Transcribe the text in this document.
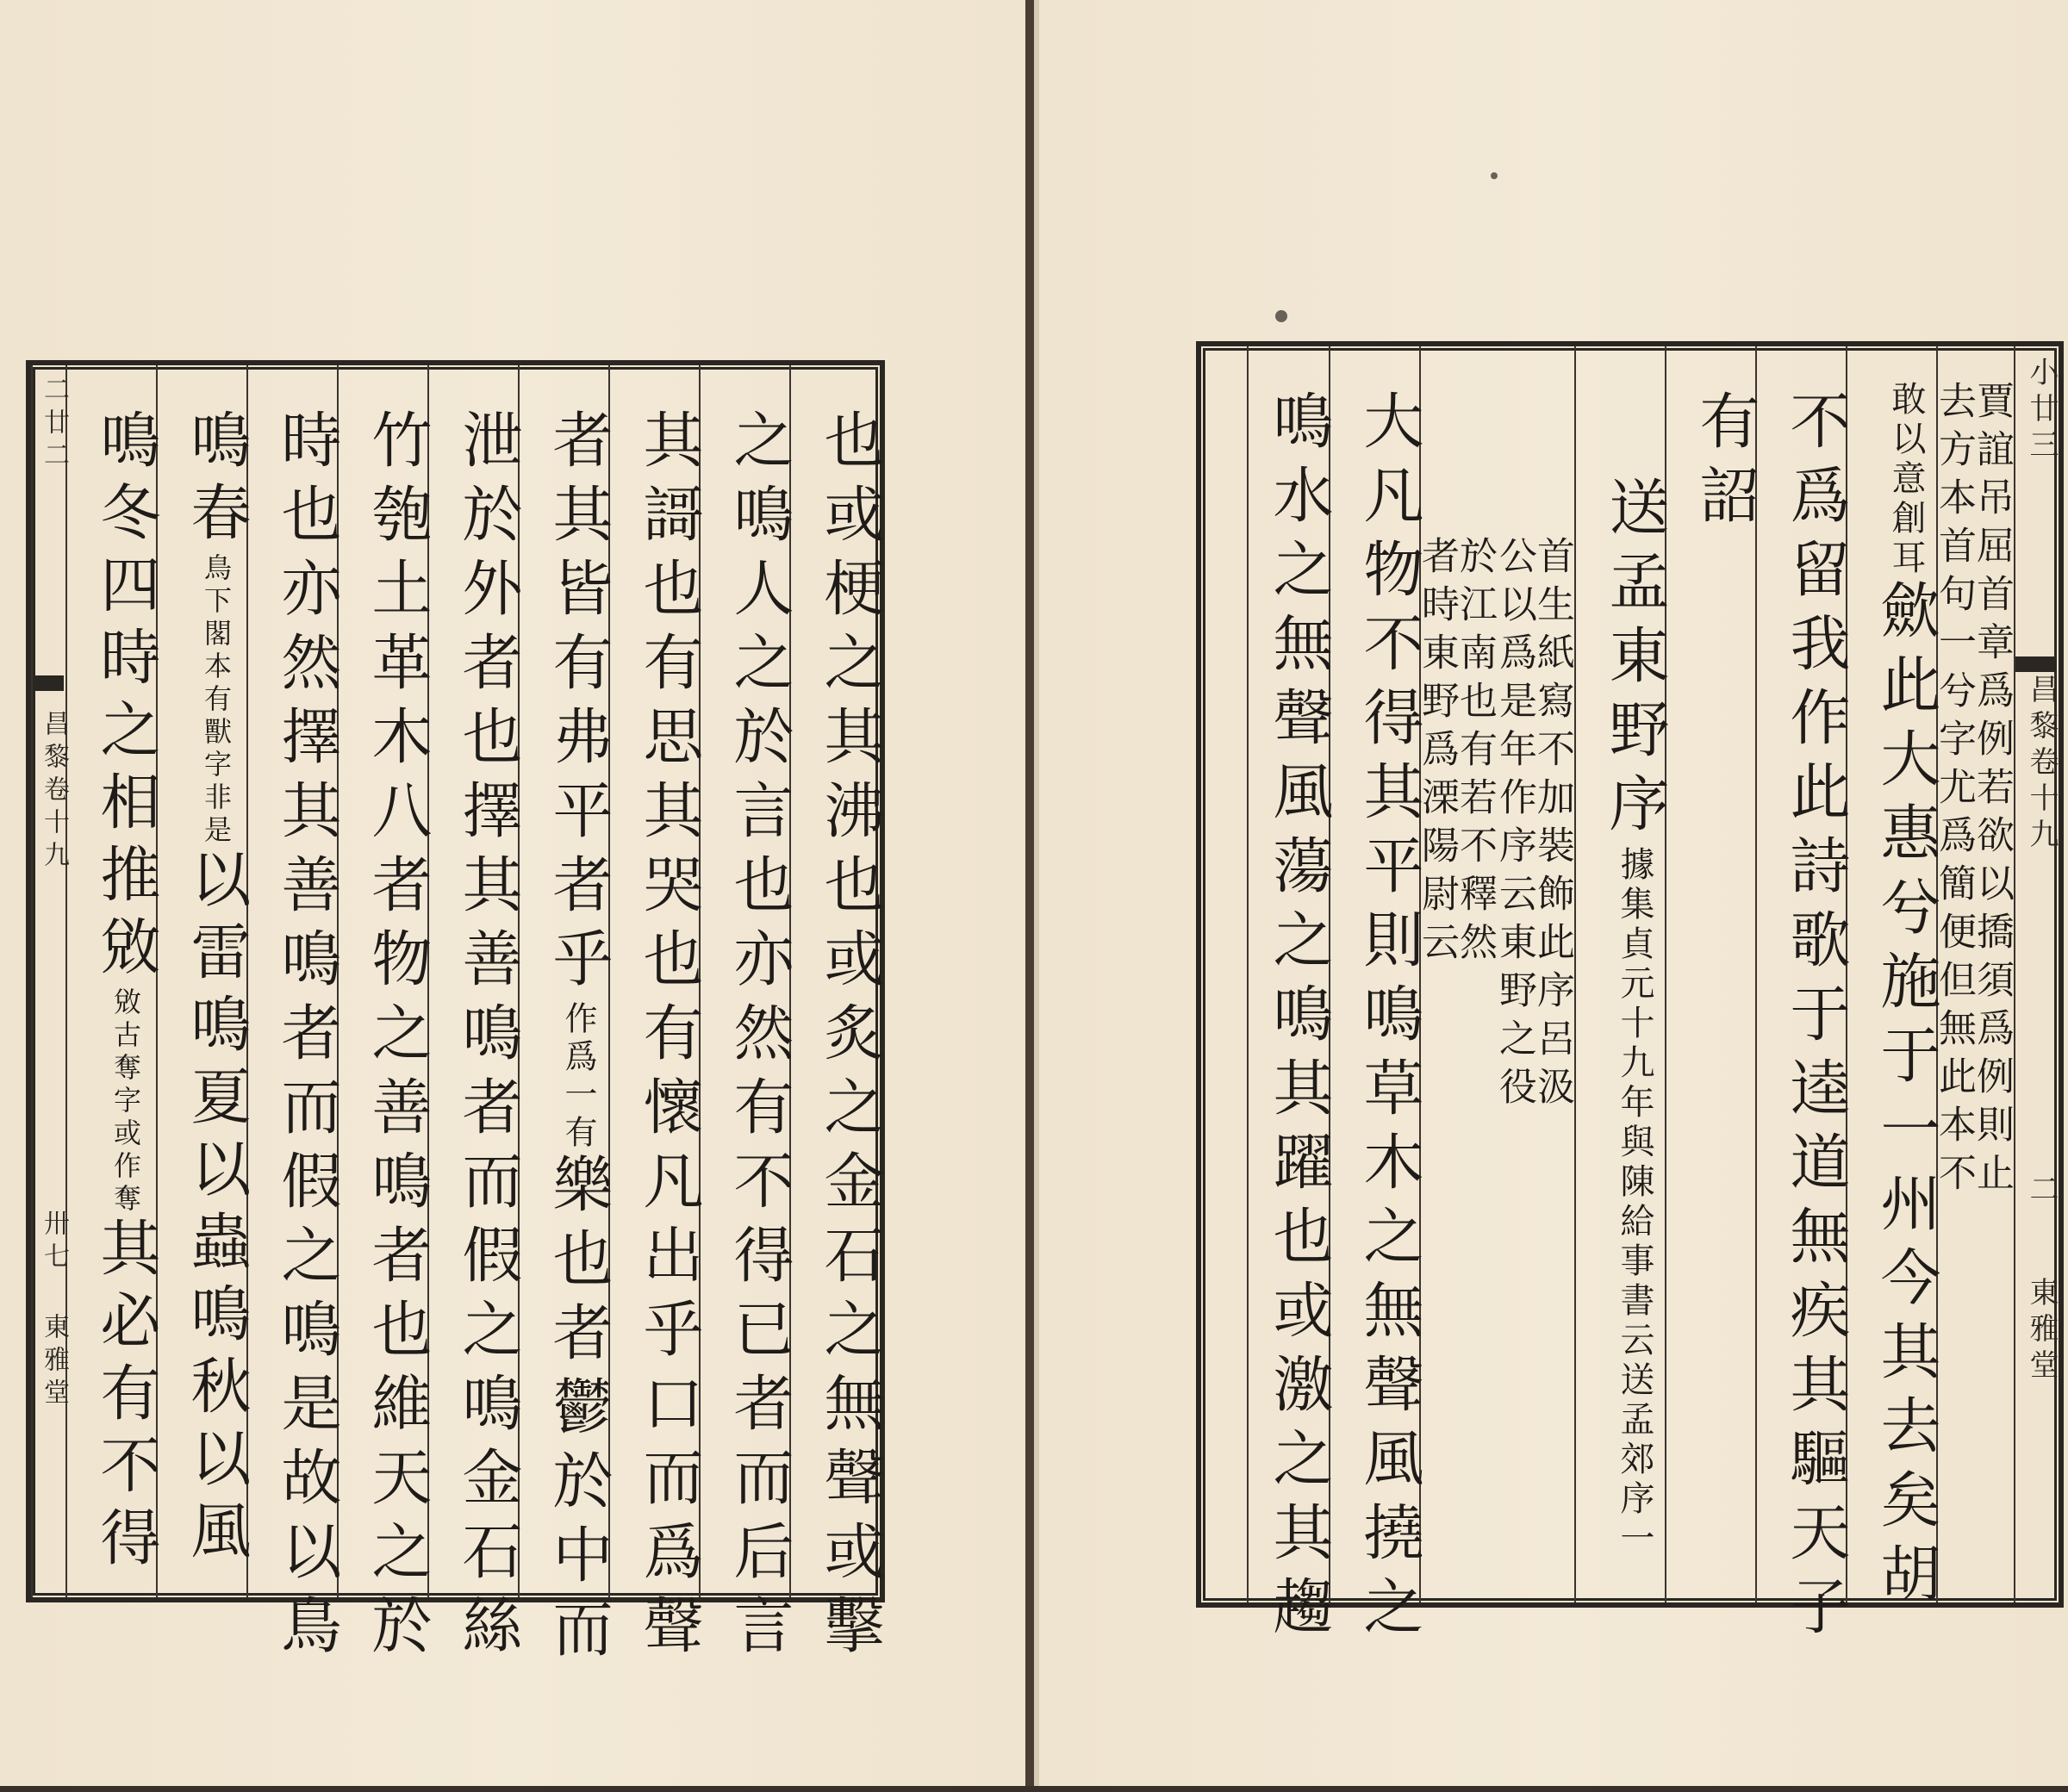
也或梗之其沸也或炙之金石之無聲或擊
之鳴人之於言也亦然有不得已者而后言
其謌也有思其哭也有懷凡出乎口而爲聲
者其皆有弗平者乎作爲一有樂也者鬱於中而
泄於外者也擇其善鳴者而假之鳴金石絲
竹匏土革木八者物之善鳴者也維天之於
時也亦然擇其善鳴者而假之鳴是故以鳥
鳴春鳥下閣本有獸字非是以雷鳴夏以蟲鳴秋以風
鳴冬四時之相推敓敓古奪字或作奪其必有不得
二廿二
昌黎卷十九
卅七
東雅堂
小廿三
昌黎卷十九
二
東雅堂
賈誼吊屈首章爲例若欲以撟須爲例則止
去方本首句一兮字尤爲簡便但無此本不
敢以意創耳歛此大惠兮施于一州今其去矣胡
不爲留我作此詩歌于逵道無疾其驅天子
有詔
送孟東野序據集貞元十九年與陳給事書云送孟郊序一
首生紙寫不加裝飾此序呂汲
公以爲是年作序云東野之役
於江南也有若不釋然
者時東野爲溧陽尉云
大凡物不得其平則鳴草木之無聲風撓之
鳴水之無聲風蕩之鳴其躍也或激之其趨
